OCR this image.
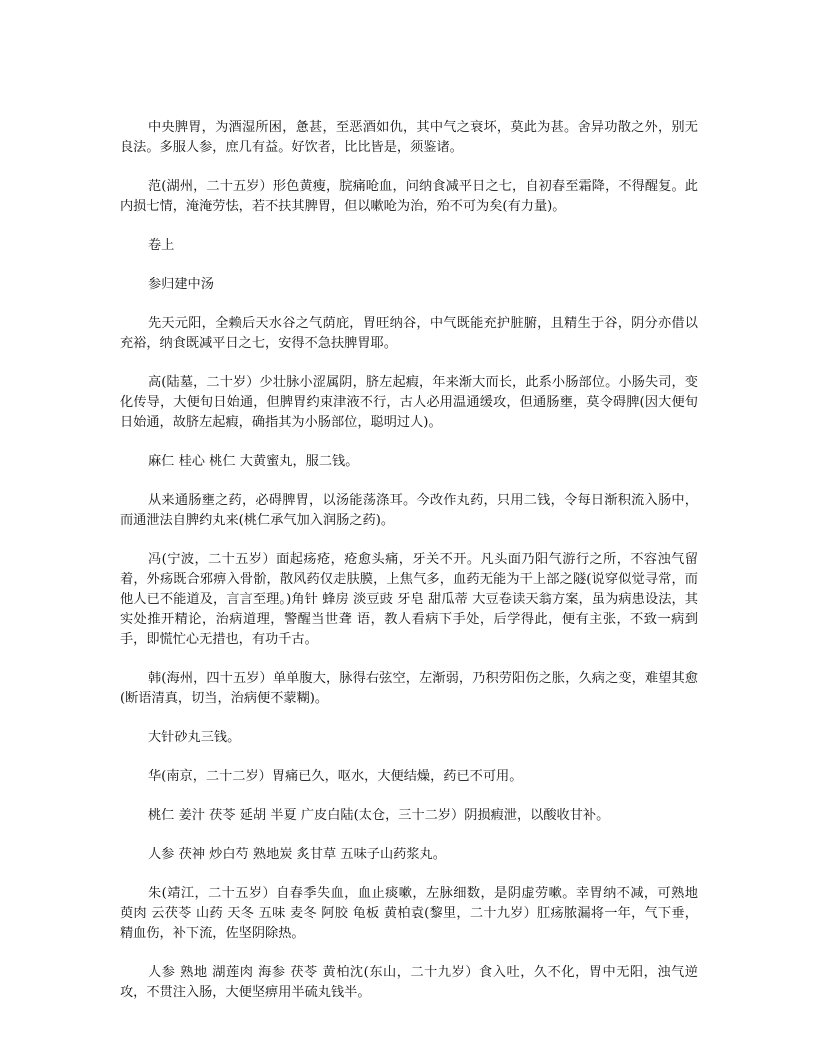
中央脾胃，为酒湿所困，惫甚，至恶酒如仇，其中气之衰坏，莫此为甚。舍异功散之外，别无良法。多服人参，庶几有益。好饮者，比比皆是，须鉴诸。

范(湖州，二十五岁）形色黄瘦，脘痛呛血，问纳食减平日之七，自初春至霜降，不得醒复。此内损七情，淹淹劳怯，若不扶其脾胃，但以嗽呛为治，殆不可为矣(有力量)。

卷上

参归建中汤

先天元阳，全赖后天水谷之气荫庇，胃旺纳谷，中气既能充护脏腑，且精生于谷，阴分亦借以充裕，纳食既减平日之七，安得不急扶脾胃耶。

高(陆墓，二十岁）少壮脉小涩属阴，脐左起瘕，年来渐大而长，此系小肠部位。小肠失司，变化传导，大便旬日始通，但脾胃约束津液不行，古人必用温通缓攻，但通肠壅，莫令碍脾(因大便旬日始通，故脐左起瘕，确指其为小肠部位，聪明过人)。

麻仁 桂心 桃仁 大黄蜜丸，服二钱。

从来通肠壅之药，必碍脾胃，以汤能荡涤耳。今改作丸药，只用二钱，令每日渐积流入肠中，而通泄法自脾约丸来(桃仁承气加入润肠之药)。

冯(宁波，二十五岁）面起疡疮，疮愈头痛，牙关不开。凡头面乃阳气游行之所，不容浊气留着，外疡既合邪痹入骨骱，散风药仅走肤膜，上焦气多，血药无能为干上部之隧(说穿似觉寻常，而他人已不能道及，言言至理。)角针 蜂房 淡豆豉 牙皂 甜瓜蒂 大豆卷读天翁方案，虽为病患设法，其实处推开精论，治病道理，警醒当世聋 语，教人看病下手处，后学得此，便有主张，不致一病到手，即慌忙心无措也，有功千古。

韩(海州，四十五岁）单单腹大，脉得右弦空，左渐弱，乃积劳阳伤之胀，久病之变，难望其愈(断语清真，切当，治病便不蒙糊)。

大针砂丸三钱。

华(南京，二十二岁）胃痛已久，呕水，大便结燥，药已不可用。

桃仁 姜汁 茯苓 延胡 半夏 广皮白陆(太仓，三十二岁）阴损瘕泄，以酸收甘补。

人参 茯神 炒白芍 熟地炭 炙甘草 五味子山药浆丸。

朱(靖江，二十五岁）自春季失血，血止痰嗽，左脉细数，是阴虚劳嗽。幸胃纳不减，可熟地 萸肉 云茯苓 山药 天冬 五味 麦冬 阿胶 龟板 黄柏袁(黎里，二十九岁）肛疡脓漏将一年，气下垂，精血伤，补下流，佐坚阴除热。

人参 熟地 湖莲肉 海参 茯苓 黄柏沈(东山，二十九岁）食入吐，久不化，胃中无阳，浊气逆攻，不贯注入肠，大便坚痹用半硫丸钱半。
